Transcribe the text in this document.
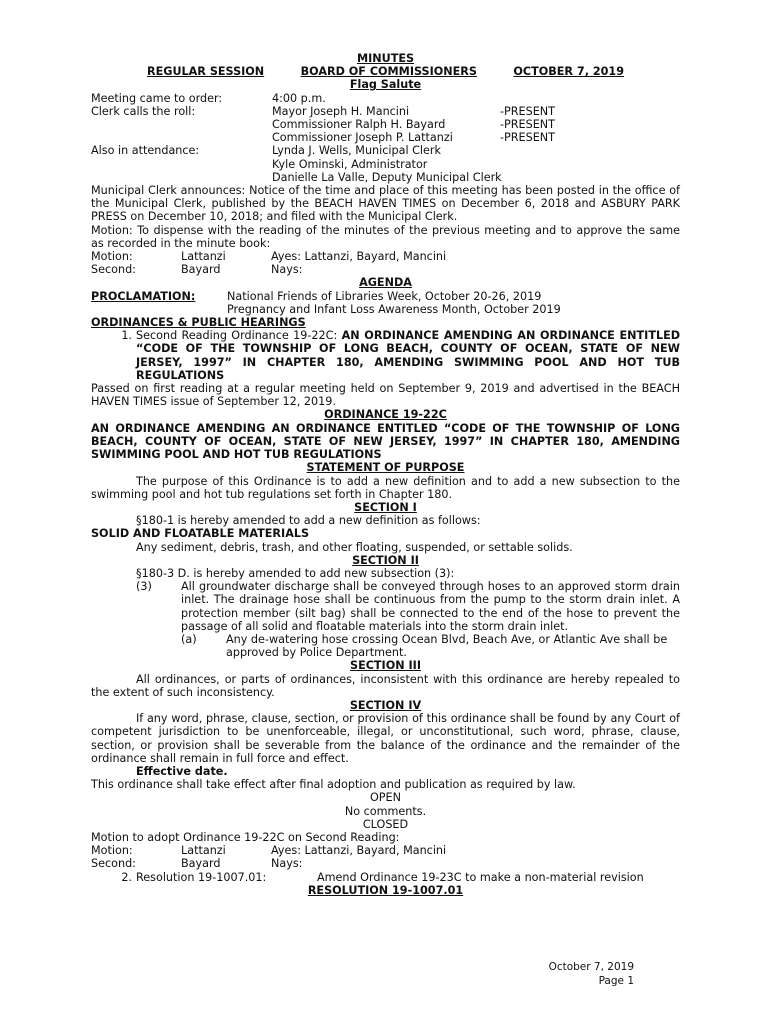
MINUTES
REGULAR SESSION	BOARD OF COMMISSIONERS	OCTOBER 7, 2019
Flag Salute
Meeting came to order:	4:00 p.m.
Clerk calls the roll:	Mayor Joseph H. Mancini	-PRESENT
Commissioner Ralph H. Bayard	-PRESENT
Commissioner Joseph P. Lattanzi	-PRESENT
Also in attendance:	Lynda J. Wells, Municipal Clerk
Kyle Ominski, Administrator
Danielle La Valle, Deputy Municipal Clerk
Municipal Clerk announces: Notice of the time and place of this meeting has been posted in the office of the Municipal Clerk, published by the BEACH HAVEN TIMES on December 6, 2018 and ASBURY PARK PRESS on December 10, 2018; and filed with the Municipal Clerk.
Motion: To dispense with the reading of the minutes of the previous meeting and to approve the same as recorded in the minute book:
Motion:	Lattanzi	Ayes: Lattanzi, Bayard, Mancini
Second:	Bayard	Nays:
AGENDA
PROCLAMATION:	National Friends of Libraries Week, October 20-26, 2019
Pregnancy and Infant Loss Awareness Month, October 2019
ORDINANCES & PUBLIC HEARINGS
1. Second Reading Ordinance 19-22C: AN ORDINANCE AMENDING AN ORDINANCE ENTITLED “CODE OF THE TOWNSHIP OF LONG BEACH, COUNTY OF OCEAN, STATE OF NEW JERSEY, 1997” IN CHAPTER 180, AMENDING SWIMMING POOL AND HOT TUB REGULATIONS
Passed on first reading at a regular meeting held on September 9, 2019 and advertised in the BEACH HAVEN TIMES issue of September 12, 2019.
ORDINANCE 19-22C
AN ORDINANCE AMENDING AN ORDINANCE ENTITLED “CODE OF THE TOWNSHIP OF LONG BEACH, COUNTY OF OCEAN, STATE OF NEW JERSEY, 1997” IN CHAPTER 180, AMENDING SWIMMING POOL AND HOT TUB REGULATIONS
STATEMENT OF PURPOSE
The purpose of this Ordinance is to add a new definition and to add a new subsection to the swimming pool and hot tub regulations set forth in Chapter 180.
SECTION I
§180-1 is hereby amended to add a new definition as follows:
SOLID AND FLOATABLE MATERIALS
Any sediment, debris, trash, and other floating, suspended, or settable solids.
SECTION II
§180-3 D. is hereby amended to add new subsection (3):
(3)	All groundwater discharge shall be conveyed through hoses to an approved storm drain inlet. The drainage hose shall be continuous from the pump to the storm drain inlet. A protection member (silt bag) shall be connected to the end of the hose to prevent the passage of all solid and floatable materials into the storm drain inlet.
(a)	Any de-watering hose crossing Ocean Blvd, Beach Ave, or Atlantic Ave shall be approved by Police Department.
SECTION III
All ordinances, or parts of ordinances, inconsistent with this ordinance are hereby repealed to the extent of such inconsistency.
SECTION IV
If any word, phrase, clause, section, or provision of this ordinance shall be found by any Court of competent jurisdiction to be unenforceable, illegal, or unconstitutional, such word, phrase, clause, section, or provision shall be severable from the balance of the ordinance and the remainder of the ordinance shall remain in full force and effect.
Effective date.
This ordinance shall take effect after final adoption and publication as required by law.
OPEN
No comments.
CLOSED
Motion to adopt Ordinance 19-22C on Second Reading:
Motion:	Lattanzi	Ayes: Lattanzi, Bayard, Mancini
Second:	Bayard	Nays:
2. Resolution 19-1007.01:	Amend Ordinance 19-23C to make a non-material revision
RESOLUTION 19-1007.01
October 7, 2019
Page 1
